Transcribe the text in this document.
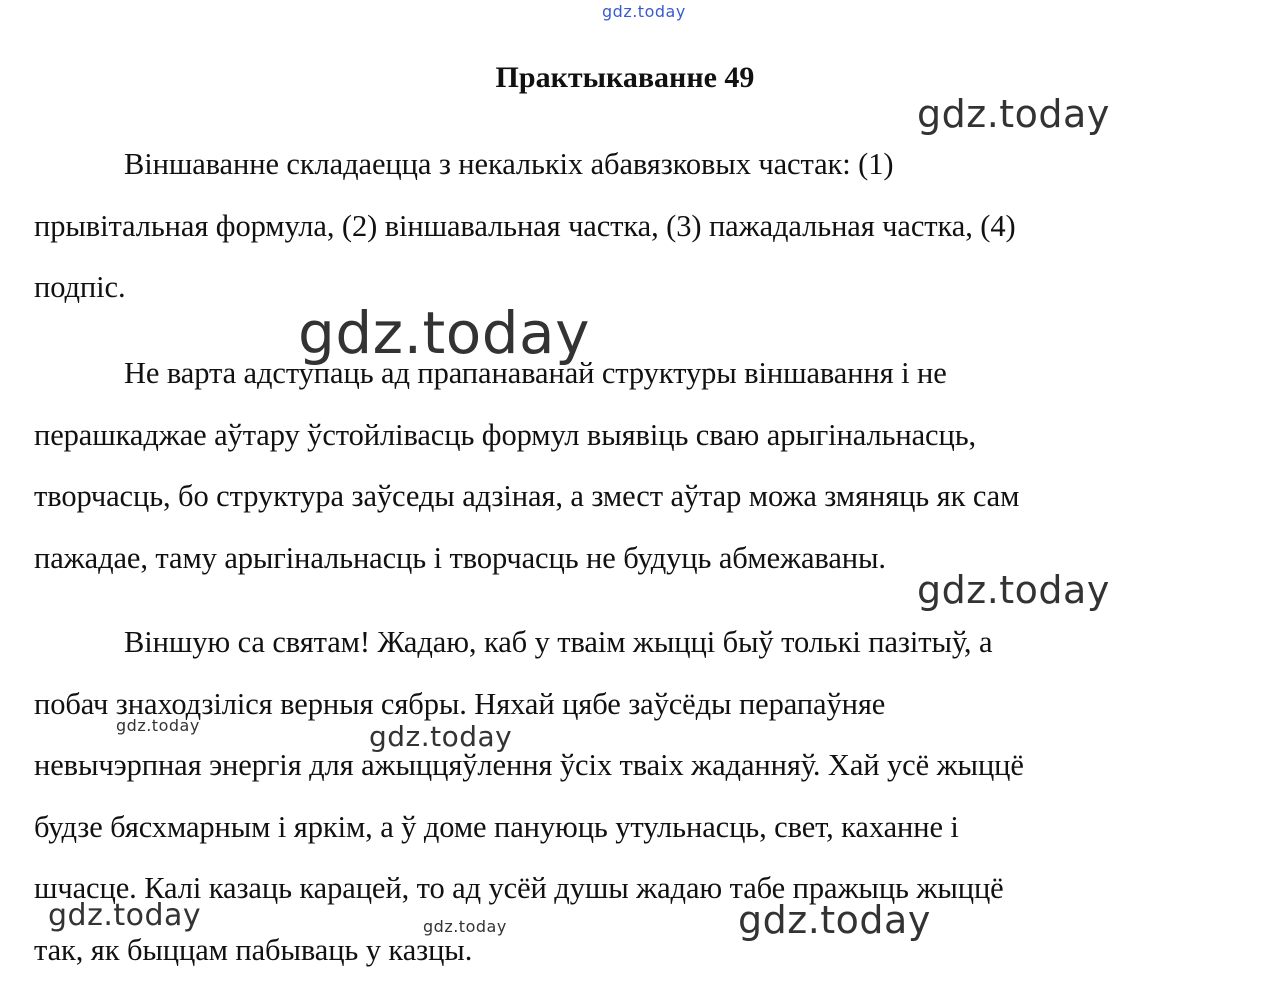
Практыкаванне 49
Віншаванне складаецца з некалькіх абавязковых частак: (1)
прывітальная формула, (2) віншавальная частка, (3) пажадальная частка, (4)
подпіс.
Не варта адступаць ад прапанаванай структуры віншавання і не
перашкаджае аўтару ўстойлівасць формул выявіць сваю арыгінальнасць,
творчасць, бо структура заўседы адзіная, а змест аўтар можа змяняць як сам
пажадае, таму арыгінальнасць і творчасць не будуць абмежаваны.
Віншую са святам! Жадаю, каб у тваім жыцці быў толькі пазітыў, а
побач знаходзіліся верныя сябры. Няхай цябе заўсёды перапаўняе
невычэрпная энергія для ажыццяўлення ўсіх тваіх жаданняў. Хай усё жыццё
будзе бясхмарным і яркім, а ў доме пануюць утульнасць, свет, каханне і
шчасце. Калі казаць карацей, то ад усёй душы жадаю табе пражыць жыццё
так, як быццам пабываць у казцы.
gdz.today
gdz.today
gdz.today
gdz.today
gdz.today	gdz.today
gdz.today	gdz.today	gdz.today
